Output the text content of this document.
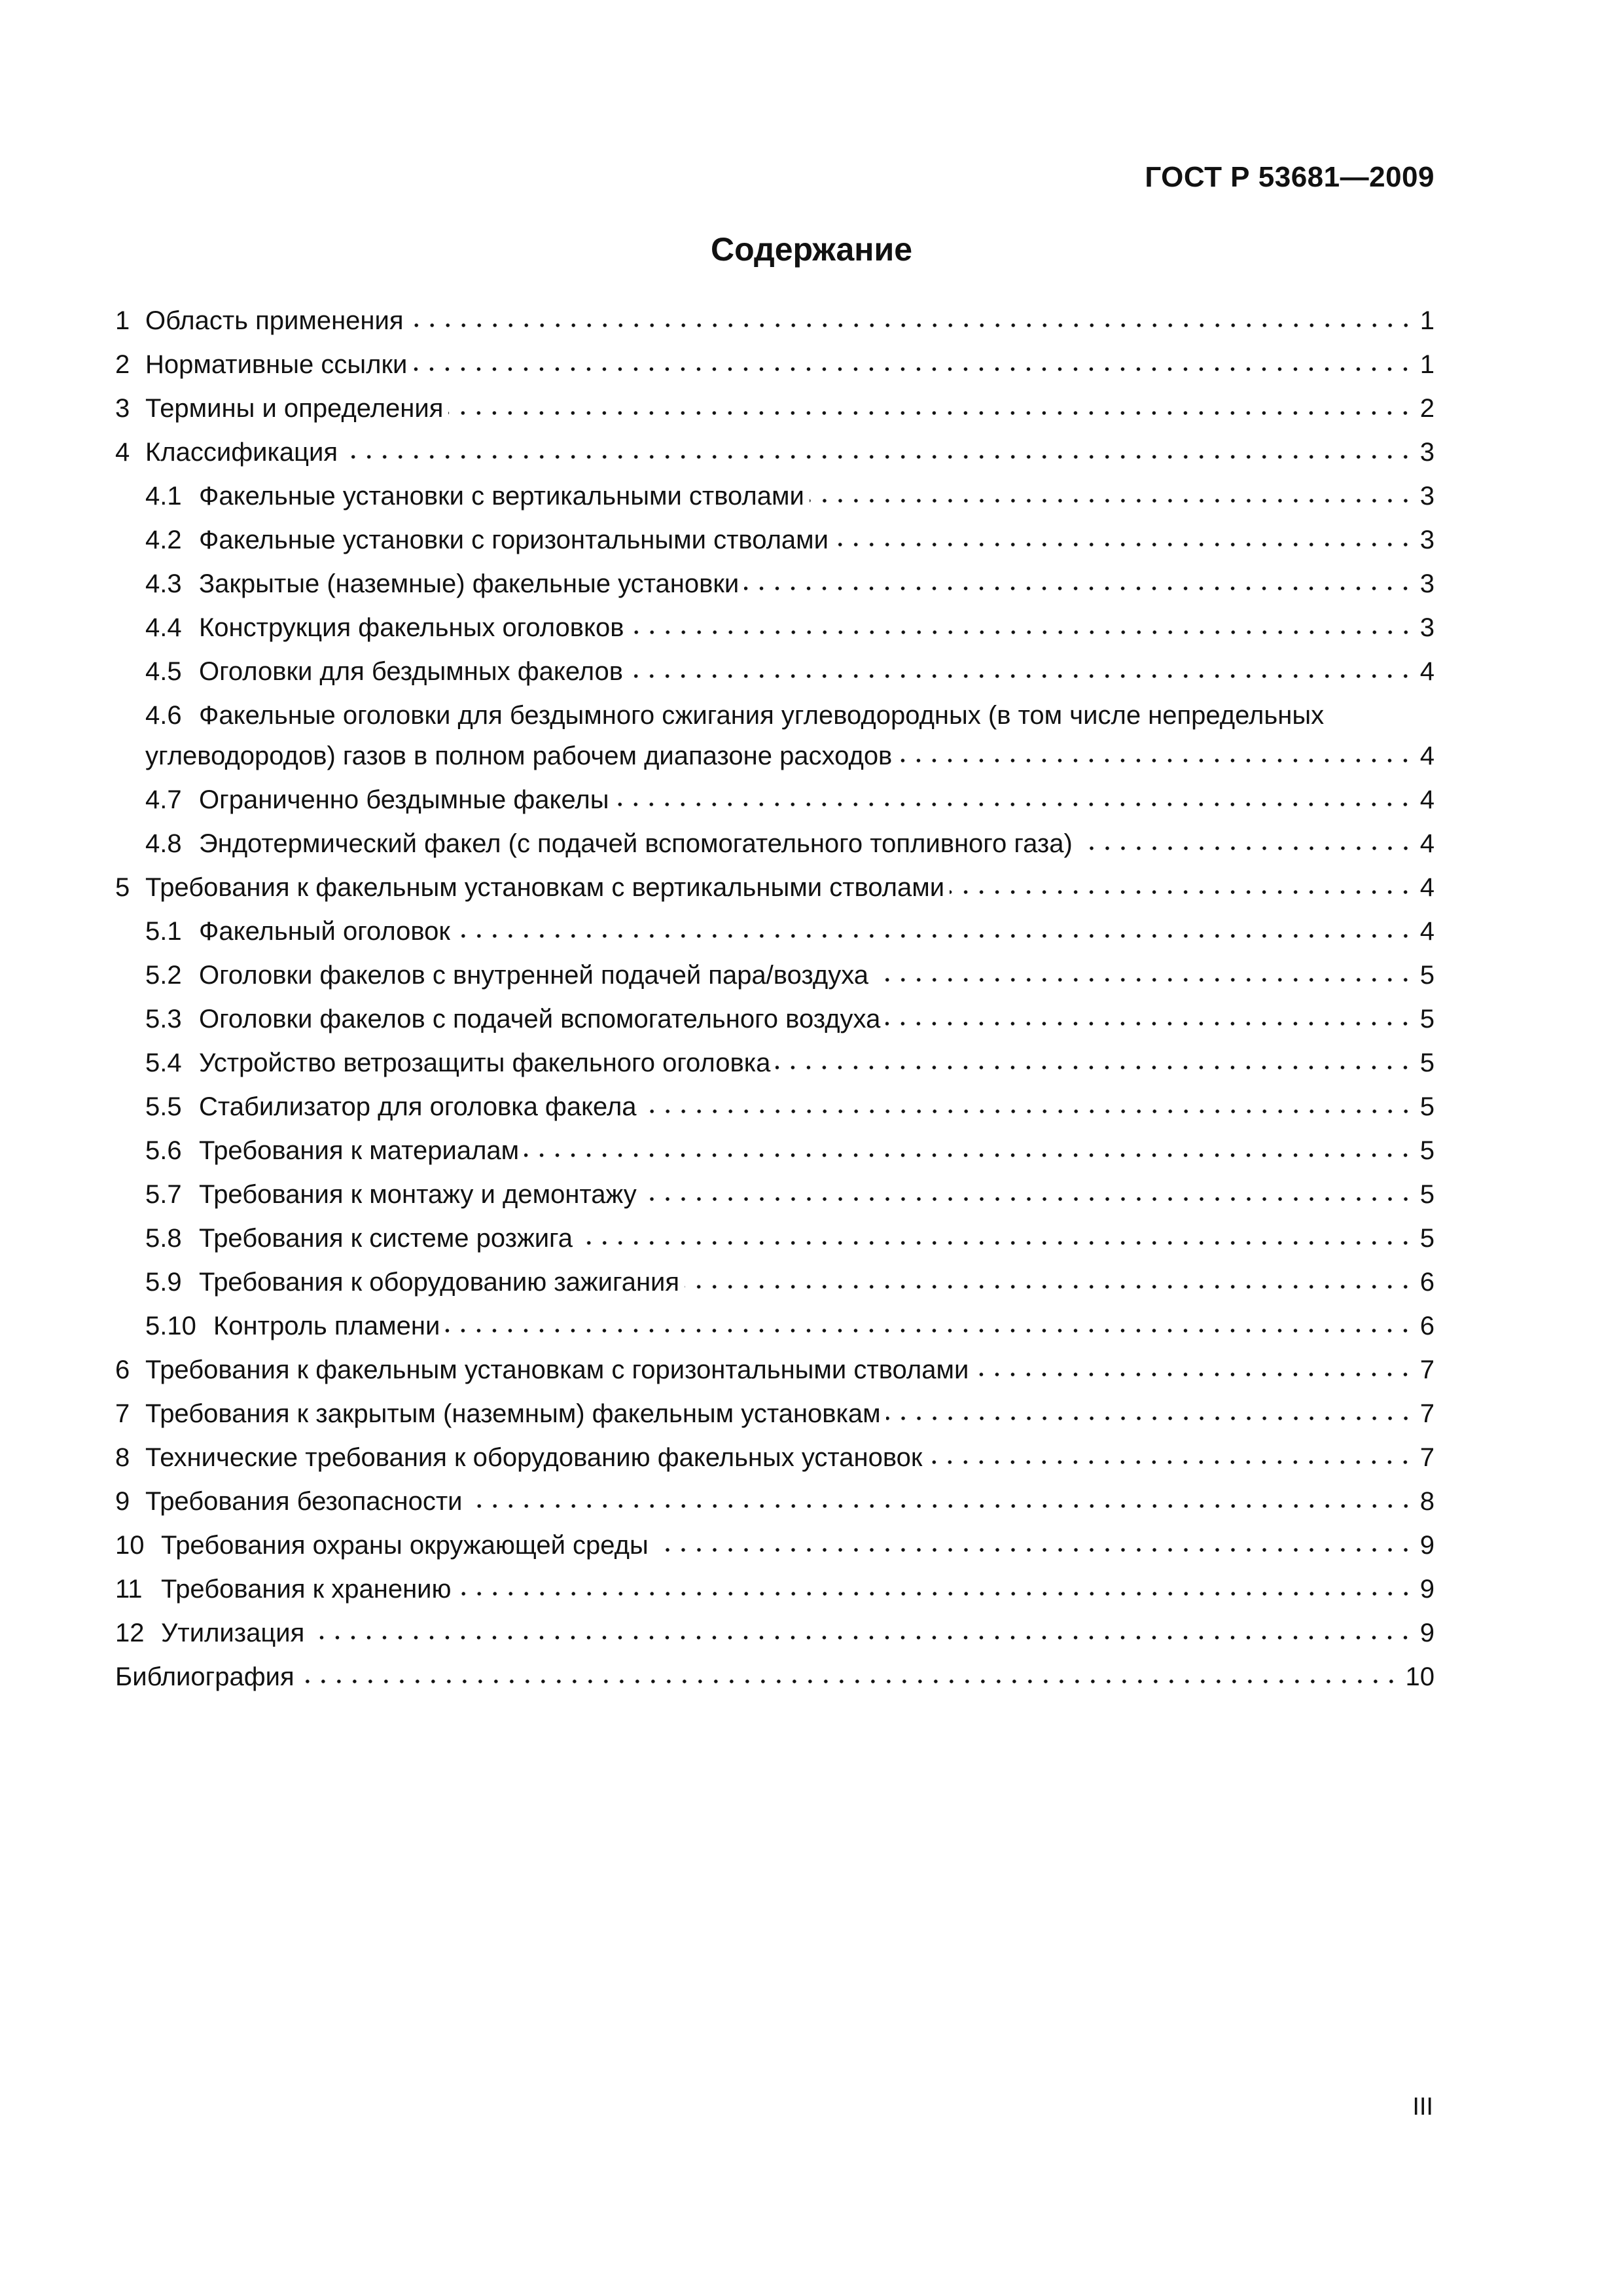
ГОСТ Р 53681—2009
Содержание
1 Область применения	1
2 Нормативные ссылки	1
3 Термины и определения	2
4 Классификация	3
4.1 Факельные установки с вертикальными стволами	3
4.2 Факельные установки с горизонтальными стволами	3
4.3 Закрытые (наземные) факельные установки	3
4.4 Конструкция факельных оголовков	3
4.5 Оголовки для бездымных факелов	4
4.6 Факельные оголовки для бездымного сжигания углеводородных (в том числе непредельных
углеводородов) газов в полном рабочем диапазоне расходов	4
4.7 Ограниченно бездымные факелы	4
4.8 Эндотермический факел (с подачей вспомогательного топливного газа)	4
5 Требования к факельным установкам с вертикальными стволами	4
5.1 Факельный оголовок	4
5.2 Оголовки факелов с внутренней подачей пара/воздуха	5
5.3 Оголовки факелов с подачей вспомогательного воздуха	5
5.4 Устройство ветрозащиты факельного оголовка	5
5.5 Стабилизатор для оголовка факела	5
5.6 Требования к материалам	5
5.7 Требования к монтажу и демонтажу	5
5.8 Требования к системе розжига	5
5.9 Требования к оборудованию зажигания	6
5.10 Контроль пламени	6
6 Требования к факельным установкам с горизонтальными стволами	7
7 Требования к закрытым (наземным) факельным установкам	7
8 Технические требования к оборудованию факельных установок	7
9 Требования безопасности	8
10 Требования охраны окружающей среды	9
11 Требования к хранению	9
12 Утилизация	9
Библиография	10
III
